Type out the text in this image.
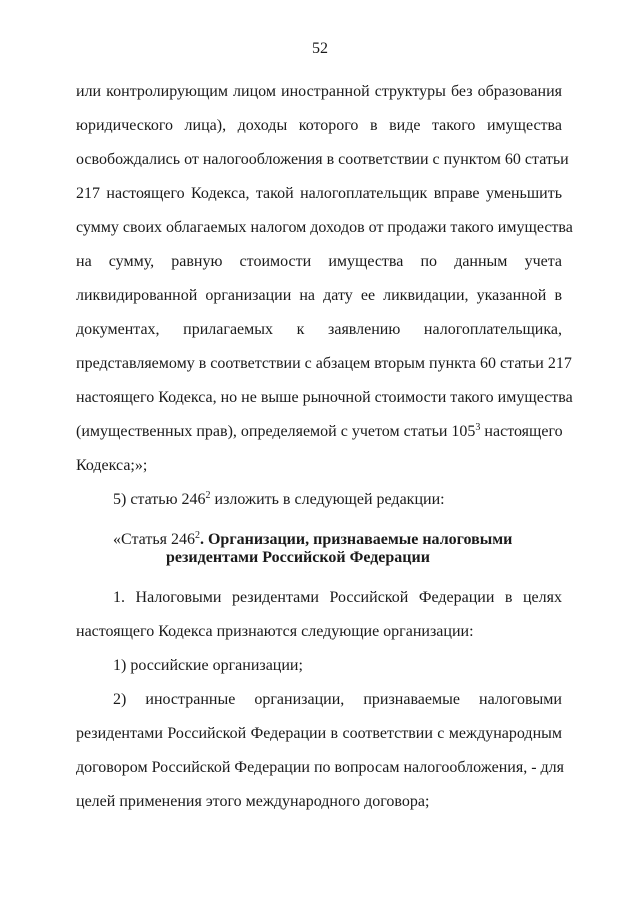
52
или контролирующим лицом иностранной структуры без образования
юридического лица), доходы которого в виде такого имущества
освобождались от налогообложения в соответствии с пунктом 60 статьи
217 настоящего Кодекса, такой налогоплательщик вправе уменьшить
сумму своих облагаемых налогом доходов от продажи такого имущества
на сумму, равную стоимости имущества по данным учета
ликвидированной организации на дату ее ликвидации, указанной в
документах, прилагаемых к заявлению налогоплательщика,
представляемому в соответствии с абзацем вторым пункта 60 статьи 217
настоящего Кодекса, но не выше рыночной стоимости такого имущества
(имущественных прав), определяемой с учетом статьи $105^3$ настоящего
Кодекса;»;
5) статью $246^2$ изложить в следующей редакции:
«Статья $246^2$. Организации, признаваемые налоговыми
резидентами Российской Федерации
1. Налоговыми резидентами Российской Федерации в целях
настоящего Кодекса признаются следующие организации:
1) российские организации;
2) иностранные организации, признаваемые налоговыми
резидентами Российской Федерации в соответствии с международным
договором Российской Федерации по вопросам налогообложения, - для
целей применения этого международного договора;
